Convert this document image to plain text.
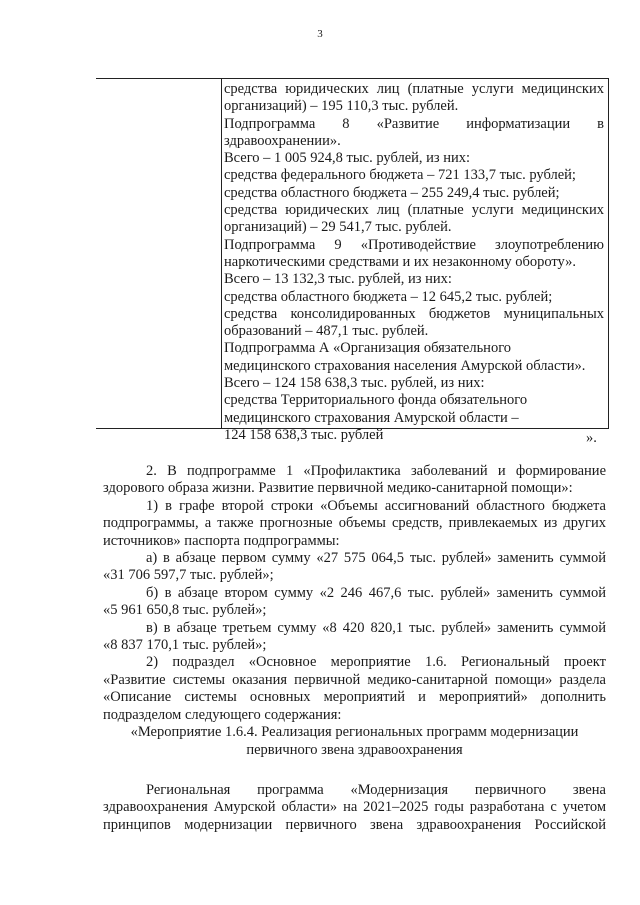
3

средства юридических лиц (платные услуги медицинских

организаций) – 195 110,3 тыс. рублей.

Подпрограмма 8 «Развитие информатизации в

здравоохранении».

Всего – 1 005 924,8 тыс. рублей, из них:

средства федерального бюджета – 721 133,7 тыс. рублей;

средства областного бюджета – 255 249,4 тыс. рублей;

средства юридических лиц (платные услуги медицинских

организаций) – 29 541,7 тыс. рублей.

Подпрограмма 9 «Противодействие злоупотреблению

наркотическими средствами и их незаконному обороту».

Всего – 13 132,3 тыс. рублей, из них:

средства областного бюджета – 12 645,2 тыс. рублей;

средства консолидированных бюджетов муниципальных

образований – 487,1 тыс. рублей.

Подпрограмма А «Организация обязательного

медицинского страхования населения Амурской области».

Всего – 124 158 638,3 тыс. рублей, из них:

средства Территориального фонда обязательного

медицинского страхования Амурской области –

124 158 638,3 тыс. рублей	».

2. В подпрограмме 1 «Профилактика заболеваний и формирование

здорового образа жизни. Развитие первичной медико-санитарной помощи»:

1) в графе второй строки «Объемы ассигнований областного бюджета

подпрограммы, а также прогнозные объемы средств, привлекаемых из других

источников» паспорта подпрограммы:

а) в абзаце первом сумму «27 575 064,5 тыс. рублей» заменить суммой

«31 706 597,7 тыс. рублей»;

б) в абзаце втором сумму «2 246 467,6 тыс. рублей» заменить суммой

«5 961 650,8 тыс. рублей»;

в) в абзаце третьем сумму «8 420 820,1 тыс. рублей» заменить суммой

«8 837 170,1 тыс. рублей»;

2) подраздел «Основное мероприятие 1.6. Региональный проект

«Развитие системы оказания первичной медико-санитарной помощи» раздела

«Описание системы основных мероприятий и мероприятий» дополнить

подразделом следующего содержания:

«Мероприятие 1.6.4. Реализация региональных программ модернизации

первичного звена здравоохранения

Региональная программа «Модернизация первичного звена

здравоохранения Амурской области» на 2021–2025 годы разработана с учетом

принципов модернизации первичного звена здравоохранения Российской
